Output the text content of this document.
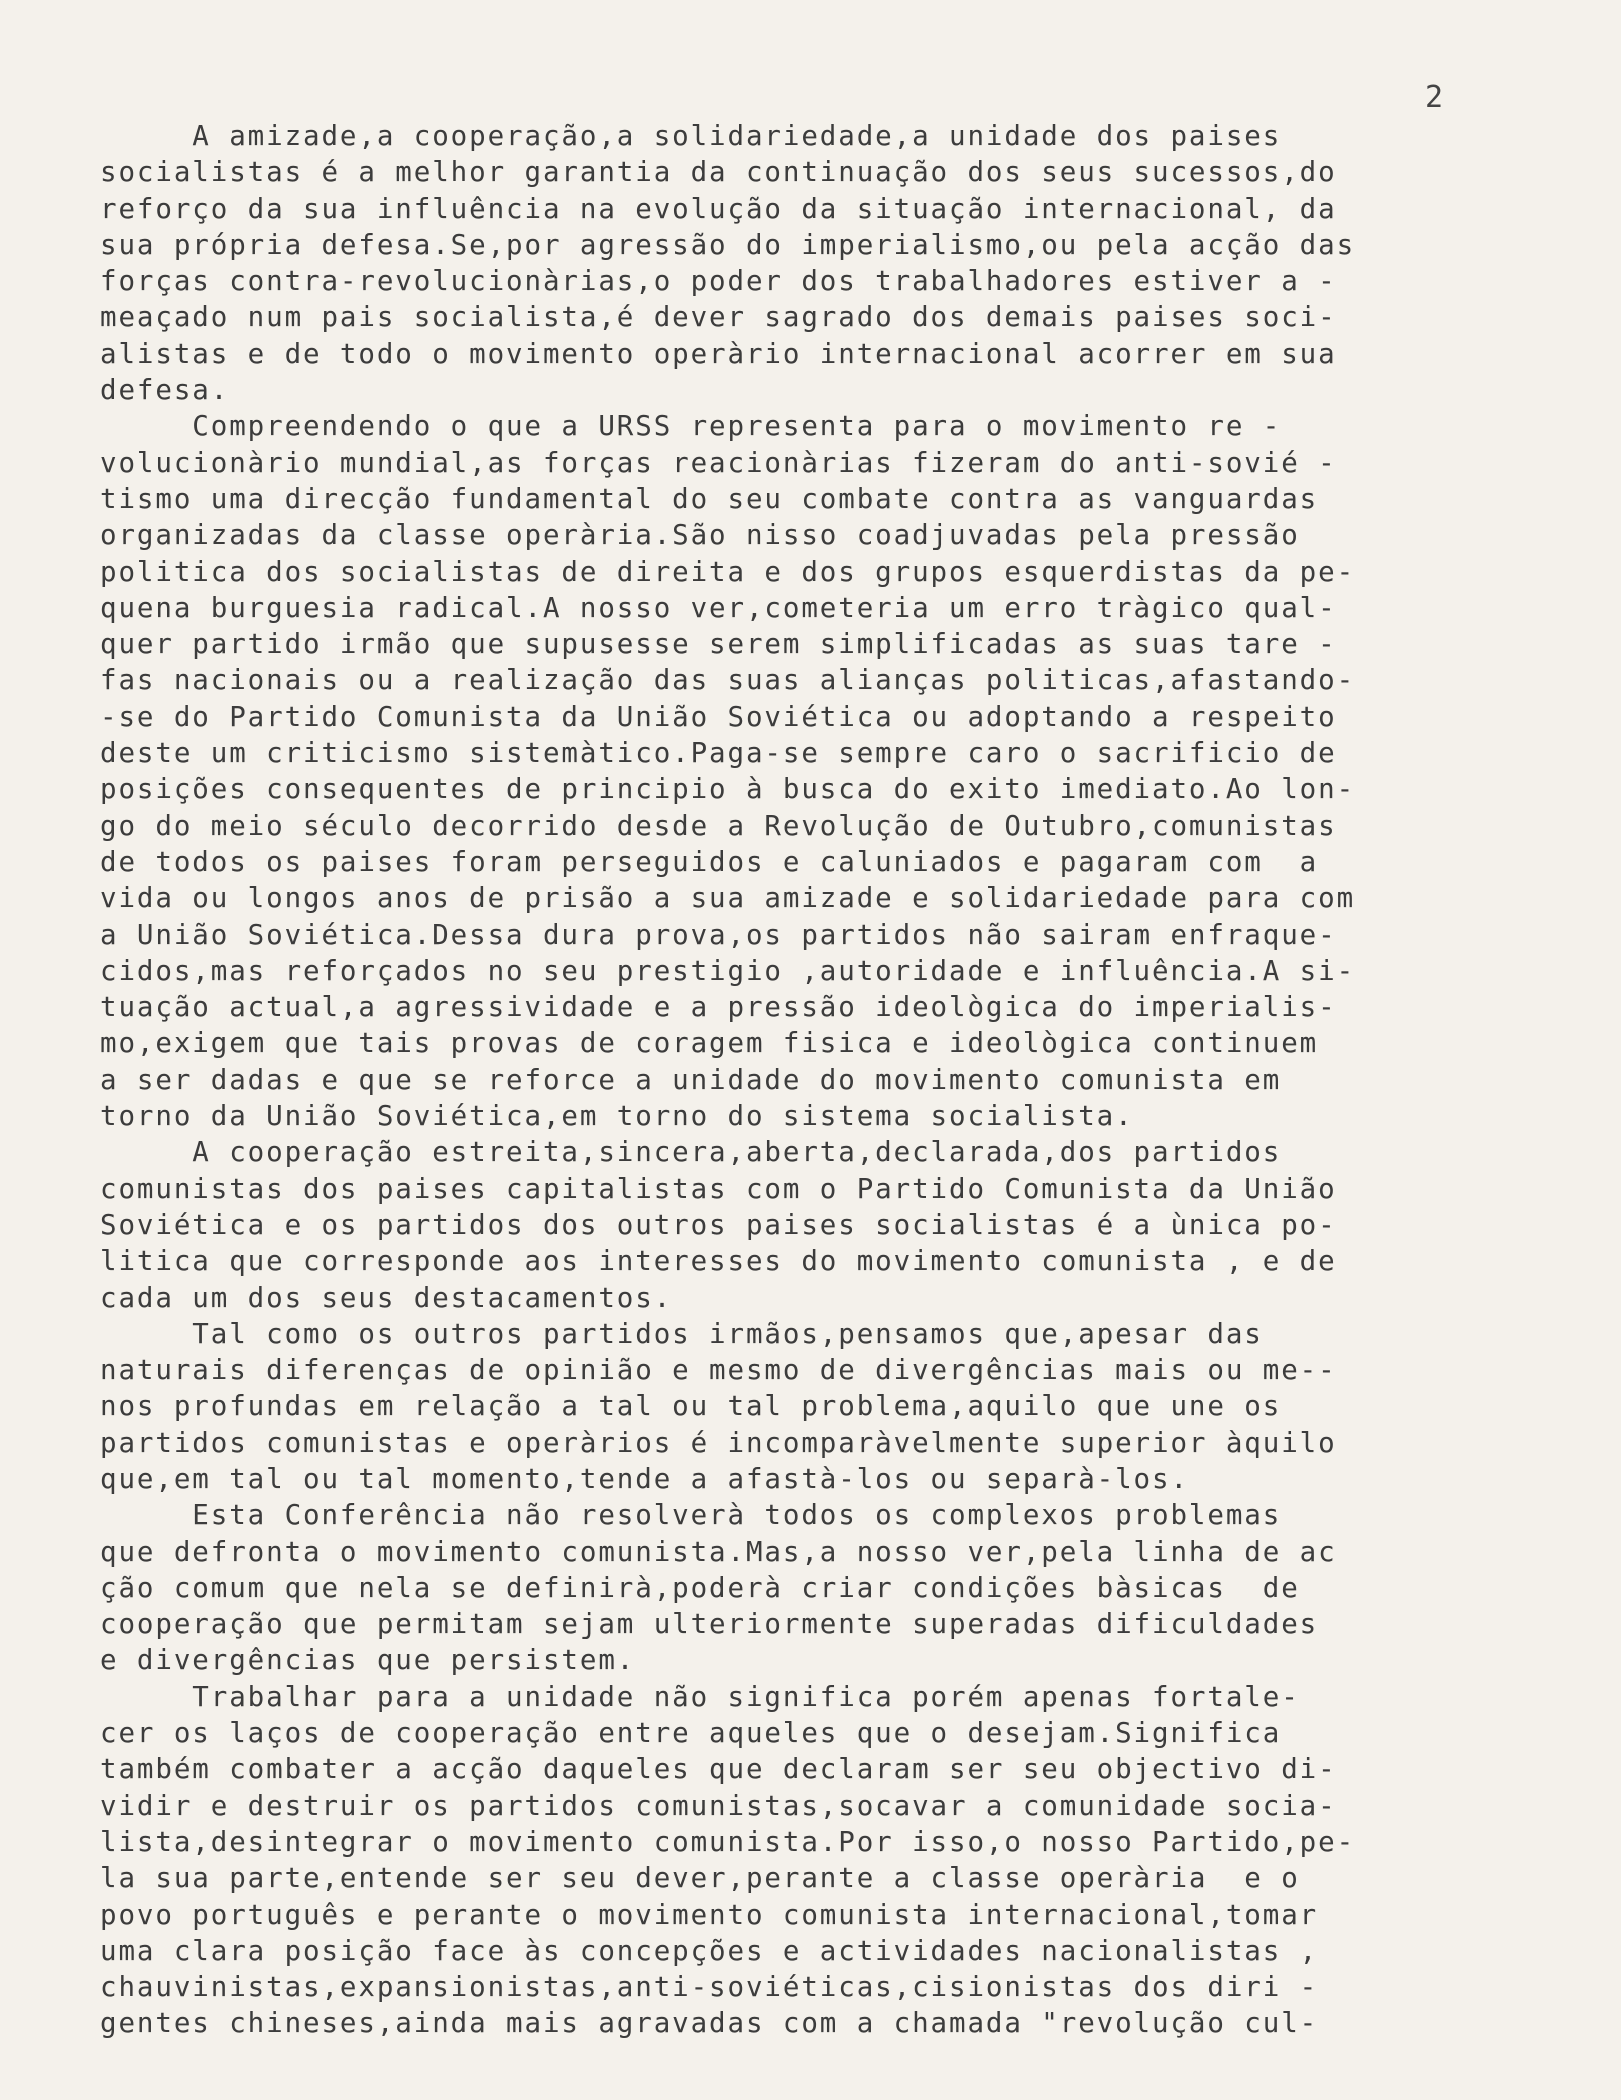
2
A amizade,a cooperação,a solidariedade,a unidade dos paises
socialistas é a melhor garantia da continuação dos seus sucessos,do
reforço da sua influência na evolução da situação internacional, da
sua própria defesa.Se,por agressão do imperialismo,ou pela acção das
forças contra-revolucionàrias,o poder dos trabalhadores estiver a -
meaçado num pais socialista,é dever sagrado dos demais paises soci-
alistas e de todo o movimento operàrio internacional acorrer em sua
defesa.
Compreendendo o que a URSS representa para o movimento re -
volucionàrio mundial,as forças reacionàrias fizeram do anti-sovié -
tismo uma direcção fundamental do seu combate contra as vanguardas
organizadas da classe operària.São nisso coadjuvadas pela pressão
politica dos socialistas de direita e dos grupos esquerdistas da pe-
quena burguesia radical.A nosso ver,cometeria um erro tràgico qual-
quer partido irmão que supusesse serem simplificadas as suas tare -
fas nacionais ou a realização das suas alianças politicas,afastando-
-se do Partido Comunista da União Soviética ou adoptando a respeito
deste um criticismo sistemàtico.Paga-se sempre caro o sacrificio de
posições consequentes de principio à busca do exito imediato.Ao lon-
go do meio século decorrido desde a Revolução de Outubro,comunistas
de todos os paises foram perseguidos e caluniados e pagaram com  a
vida ou longos anos de prisão a sua amizade e solidariedade para com
a União Soviética.Dessa dura prova,os partidos não sairam enfraque-
cidos,mas reforçados no seu prestigio ,autoridade e influência.A si-
tuação actual,a agressividade e a pressão ideològica do imperialis-
mo,exigem que tais provas de coragem fisica e ideològica continuem
a ser dadas e que se reforce a unidade do movimento comunista em
torno da União Soviética,em torno do sistema socialista.
A cooperação estreita,sincera,aberta,declarada,dos partidos
comunistas dos paises capitalistas com o Partido Comunista da União
Soviética e os partidos dos outros paises socialistas é a ùnica po-
litica que corresponde aos interesses do movimento comunista , e de
cada um dos seus destacamentos.
Tal como os outros partidos irmãos,pensamos que,apesar das
naturais diferenças de opinião e mesmo de divergências mais ou me--
nos profundas em relação a tal ou tal problema,aquilo que une os
partidos comunistas e operàrios é incomparàvelmente superior àquilo
que,em tal ou tal momento,tende a afastà-los ou separà-los.
Esta Conferência não resolverà todos os complexos problemas
que defronta o movimento comunista.Mas,a nosso ver,pela linha de ac
ção comum que nela se definirà,poderà criar condições bàsicas  de
cooperação que permitam sejam ulteriormente superadas dificuldades
e divergências que persistem.
Trabalhar para a unidade não significa porém apenas fortale-
cer os laços de cooperação entre aqueles que o desejam.Significa
também combater a acção daqueles que declaram ser seu objectivo di-
vidir e destruir os partidos comunistas,socavar a comunidade socia-
lista,desintegrar o movimento comunista.Por isso,o nosso Partido,pe-
la sua parte,entende ser seu dever,perante a classe operària  e o
povo português e perante o movimento comunista internacional,tomar
uma clara posição face às concepções e actividades nacionalistas ,
chauvinistas,expansionistas,anti-soviéticas,cisionistas dos diri -
gentes chineses,ainda mais agravadas com a chamada "revolução cul-
